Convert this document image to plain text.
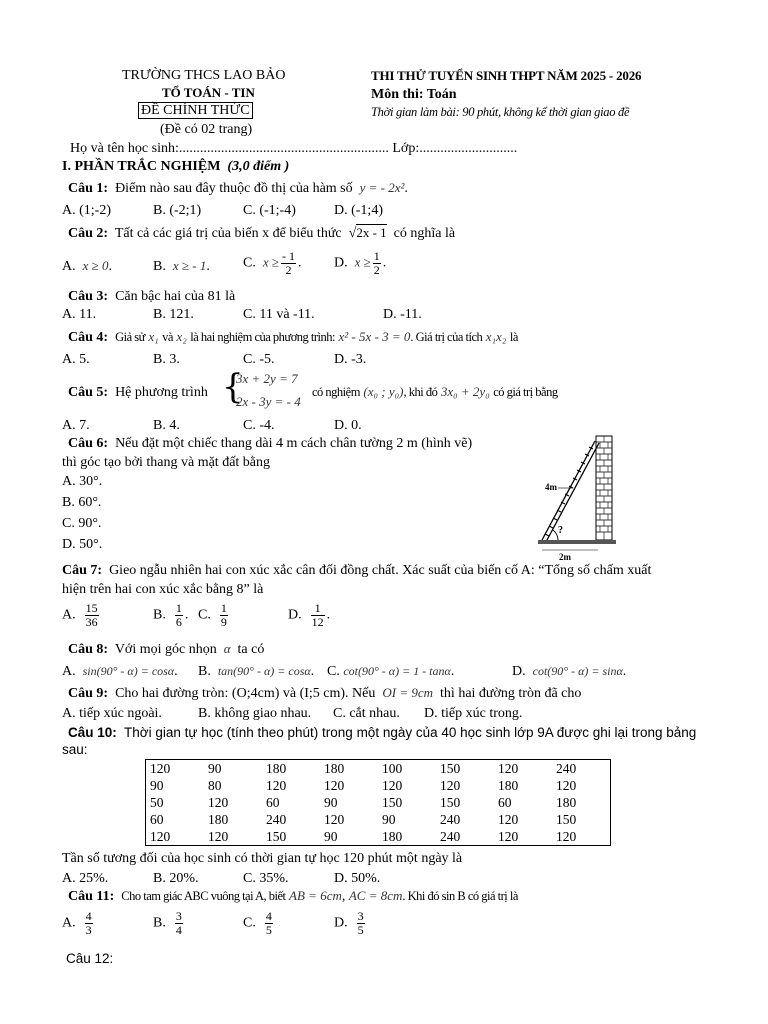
TRƯỜNG THCS LAO BẢO
TỔ TOÁN - TIN
ĐỀ CHÍNH THỨC
(Đề có 02 trang)
THI THỬ TUYỂN SINH THPT NĂM 2025 - 2026
Môn thi: Toán
Thời gian làm bài: 90 phút, không kể thời gian giao đề
Họ và tên học sinh:............................................................ Lớp:............................
I. PHẦN TRẮC NGHIỆM (3,0 điểm )
Câu 1: Điểm nào sau đây thuộc đồ thị của hàm số y = - 2x².
A. (1;-2)	B. (-2;1)	C. (-1;-4)	D. (-1;4)
Câu 2: Tất cả các giá trị của biến x để biểu thức √2x - 1 có nghĩa là
A. x ≥ 0.	B. x ≥ - 1. C. $x \ge \frac{- 1}{2}$ . D. $x \ge \frac{1}{2}$ .
Câu 3: Căn bậc hai của 81 là
A. 11.	B. 121.	C. 11 và -11.	D. -11.
Câu 4: Giả sử x₁ và x₂ là hai nghiệm của phương trình: x² - 5x - 3 = 0. Giá trị của tích x₁x₂ là
A. 5.	B. 3.	C. -5.	D. -3.
Câu 5: Hệ phương trình {
3x + 2y = 7
2x - 3y = - 4
có nghiệm (x₀ ; y₀), khi đó 3x₀ + 2y₀ có giá trị bằng
A. 7.	B. 4.	C. -4.	D. 0.
Câu 6: Nếu đặt một chiếc thang dài 4 m cách chân tường 2 m (hình vẽ)
thì góc tạo bởi thang và mặt đất bằng
A. 30°.
B. 60°.
C. 90°.
D. 50°.
?
4m
2m
Câu 7: Gieo ngẫu nhiên hai con xúc xắc cân đối đồng chất. Xác suất của biến cố A: “Tổng số chấm xuất
hiện trên hai con xúc xắc bằng 8” là
A. $\frac{15}{36}$	B. $\frac{1}{6}$ . C. $\frac{1}{9}$	D. $\frac{1}{12}$ .
Câu 8: Với mọi góc nhọn α ta có
A. sin(90° - α) = cosα. B. tan(90° - α) = cosα. C. cot(90° - α) = 1 - tanα.	D. cot(90° - α) = sinα.
Câu 9: Cho hai đường tròn: (O;4cm) và (I;5 cm). Nếu OI = 9cm thì hai đường tròn đã cho
A. tiếp xúc ngoài.	B. không giao nhau. C. cắt nhau. D. tiếp xúc trong.
Câu 10: Thời gian tự học (tính theo phút) trong một ngày của 40 học sinh lớp 9A được ghi lại trong bảng
sau:
120	90	180	180	100	150	120	240
90	80	120	120	120	120	180	120
50	120	60	90	150	150	60	180
60	180	240	120	90	240	120	150
120	120	150	90	180	240	120	120
Tần số tương đối của học sinh có thời gian tự học 120 phút một ngày là
A. 25%.	B. 20%.	C. 35%.	D. 50%.
Câu 11: Cho tam giác ABC vuông tại A, biết AB = 6cm, AC = 8cm. Khi đó sin B có giá trị là
A. $\frac{4}{3}$	B. $\frac{3}{4}$	C. $\frac{4}{5}$	D. $\frac{3}{5}$
Câu 12:
